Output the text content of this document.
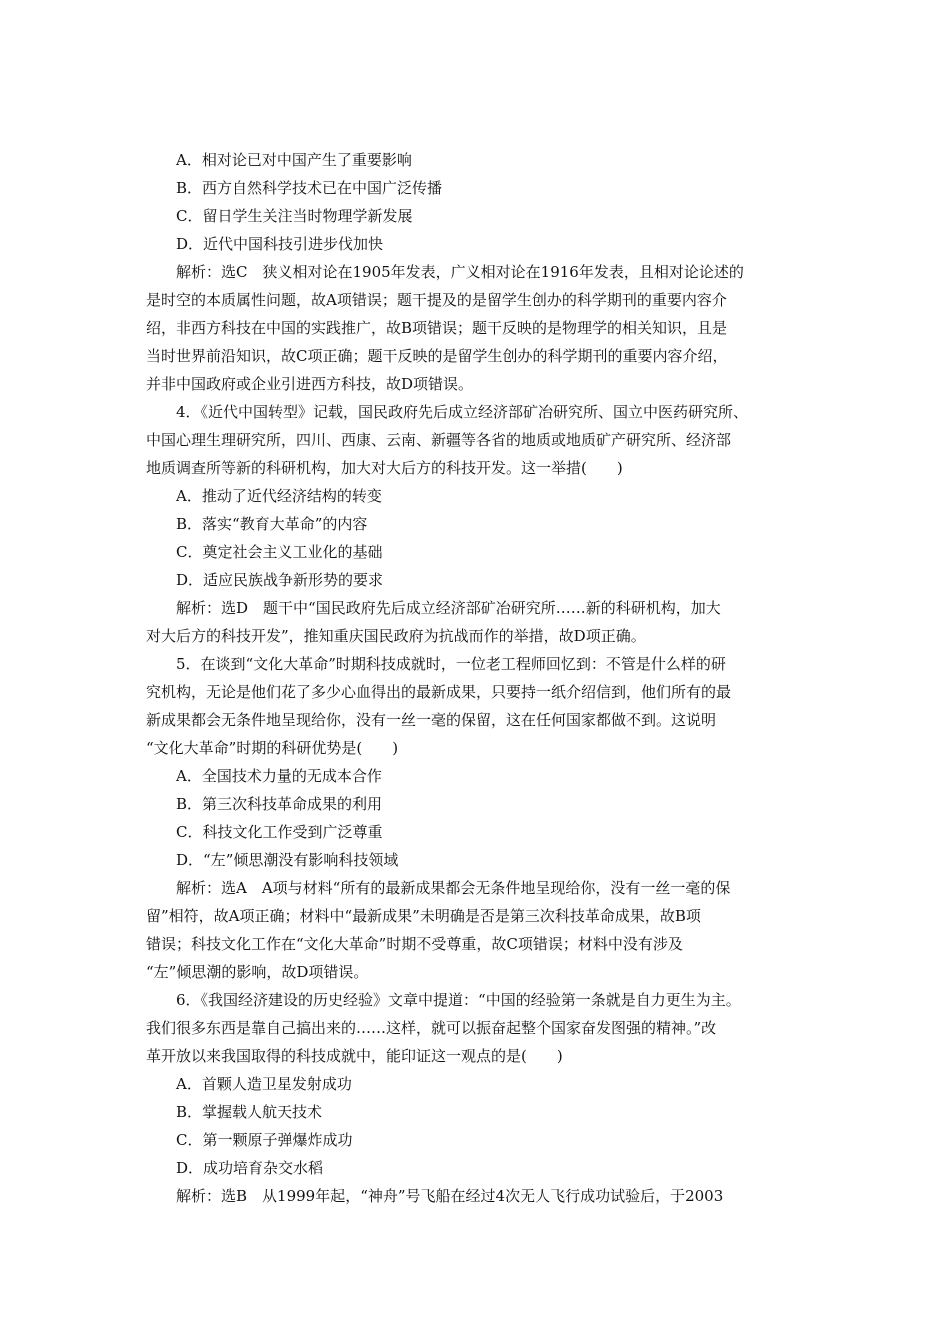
A．相对论已对中国产生了重要影响
B．西方自然科学技术已在中国广泛传播
C．留日学生关注当时物理学新发展
D．近代中国科技引进步伐加快
解析：选C　狭义相对论在1905年发表，广义相对论在1916年发表，且相对论论述的
是时空的本质属性问题，故A项错误；题干提及的是留学生创办的科学期刊的重要内容介
绍，非西方科技在中国的实践推广，故B项错误；题干反映的是物理学的相关知识，且是
当时世界前沿知识，故C项正确；题干反映的是留学生创办的科学期刊的重要内容介绍，
并非中国政府或企业引进西方科技，故D项错误。
4．《近代中国转型》记载，国民政府先后成立经济部矿冶研究所、国立中医药研究所、
中国心理生理研究所，四川、西康、云南、新疆等各省的地质或地质矿产研究所、经济部
地质调查所等新的科研机构，加大对大后方的科技开发。这一举措(　　)
A．推动了近代经济结构的转变
B．落实“教育大革命”的内容
C．奠定社会主义工业化的基础
D．适应民族战争新形势的要求
解析：选D　题干中“国民政府先后成立经济部矿冶研究所……新的科研机构，加大
对大后方的科技开发”，推知重庆国民政府为抗战而作的举措，故D项正确。
5．在谈到“文化大革命”时期科技成就时，一位老工程师回忆到：不管是什么样的研
究机构，无论是他们花了多少心血得出的最新成果，只要持一纸介绍信到，他们所有的最
新成果都会无条件地呈现给你，没有一丝一毫的保留，这在任何国家都做不到。这说明
“文化大革命”时期的科研优势是(　　)
A．全国技术力量的无成本合作
B．第三次科技革命成果的利用
C．科技文化工作受到广泛尊重
D．“左”倾思潮没有影响科技领域
解析：选A　A项与材料“所有的最新成果都会无条件地呈现给你，没有一丝一毫的保
留”相符，故A项正确；材料中“最新成果”未明确是否是第三次科技革命成果，故B项
错误；科技文化工作在“文化大革命”时期不受尊重，故C项错误；材料中没有涉及
“左”倾思潮的影响，故D项错误。
6．《我国经济建设的历史经验》文章中提道：“中国的经验第一条就是自力更生为主。
我们很多东西是靠自己搞出来的……这样，就可以振奋起整个国家奋发图强的精神。”改
革开放以来我国取得的科技成就中，能印证这一观点的是(　　)
A．首颗人造卫星发射成功
B．掌握载人航天技术
C．第一颗原子弹爆炸成功
D．成功培育杂交水稻
解析：选B　从1999年起，“神舟”号飞船在经过4次无人飞行成功试验后，于2003
